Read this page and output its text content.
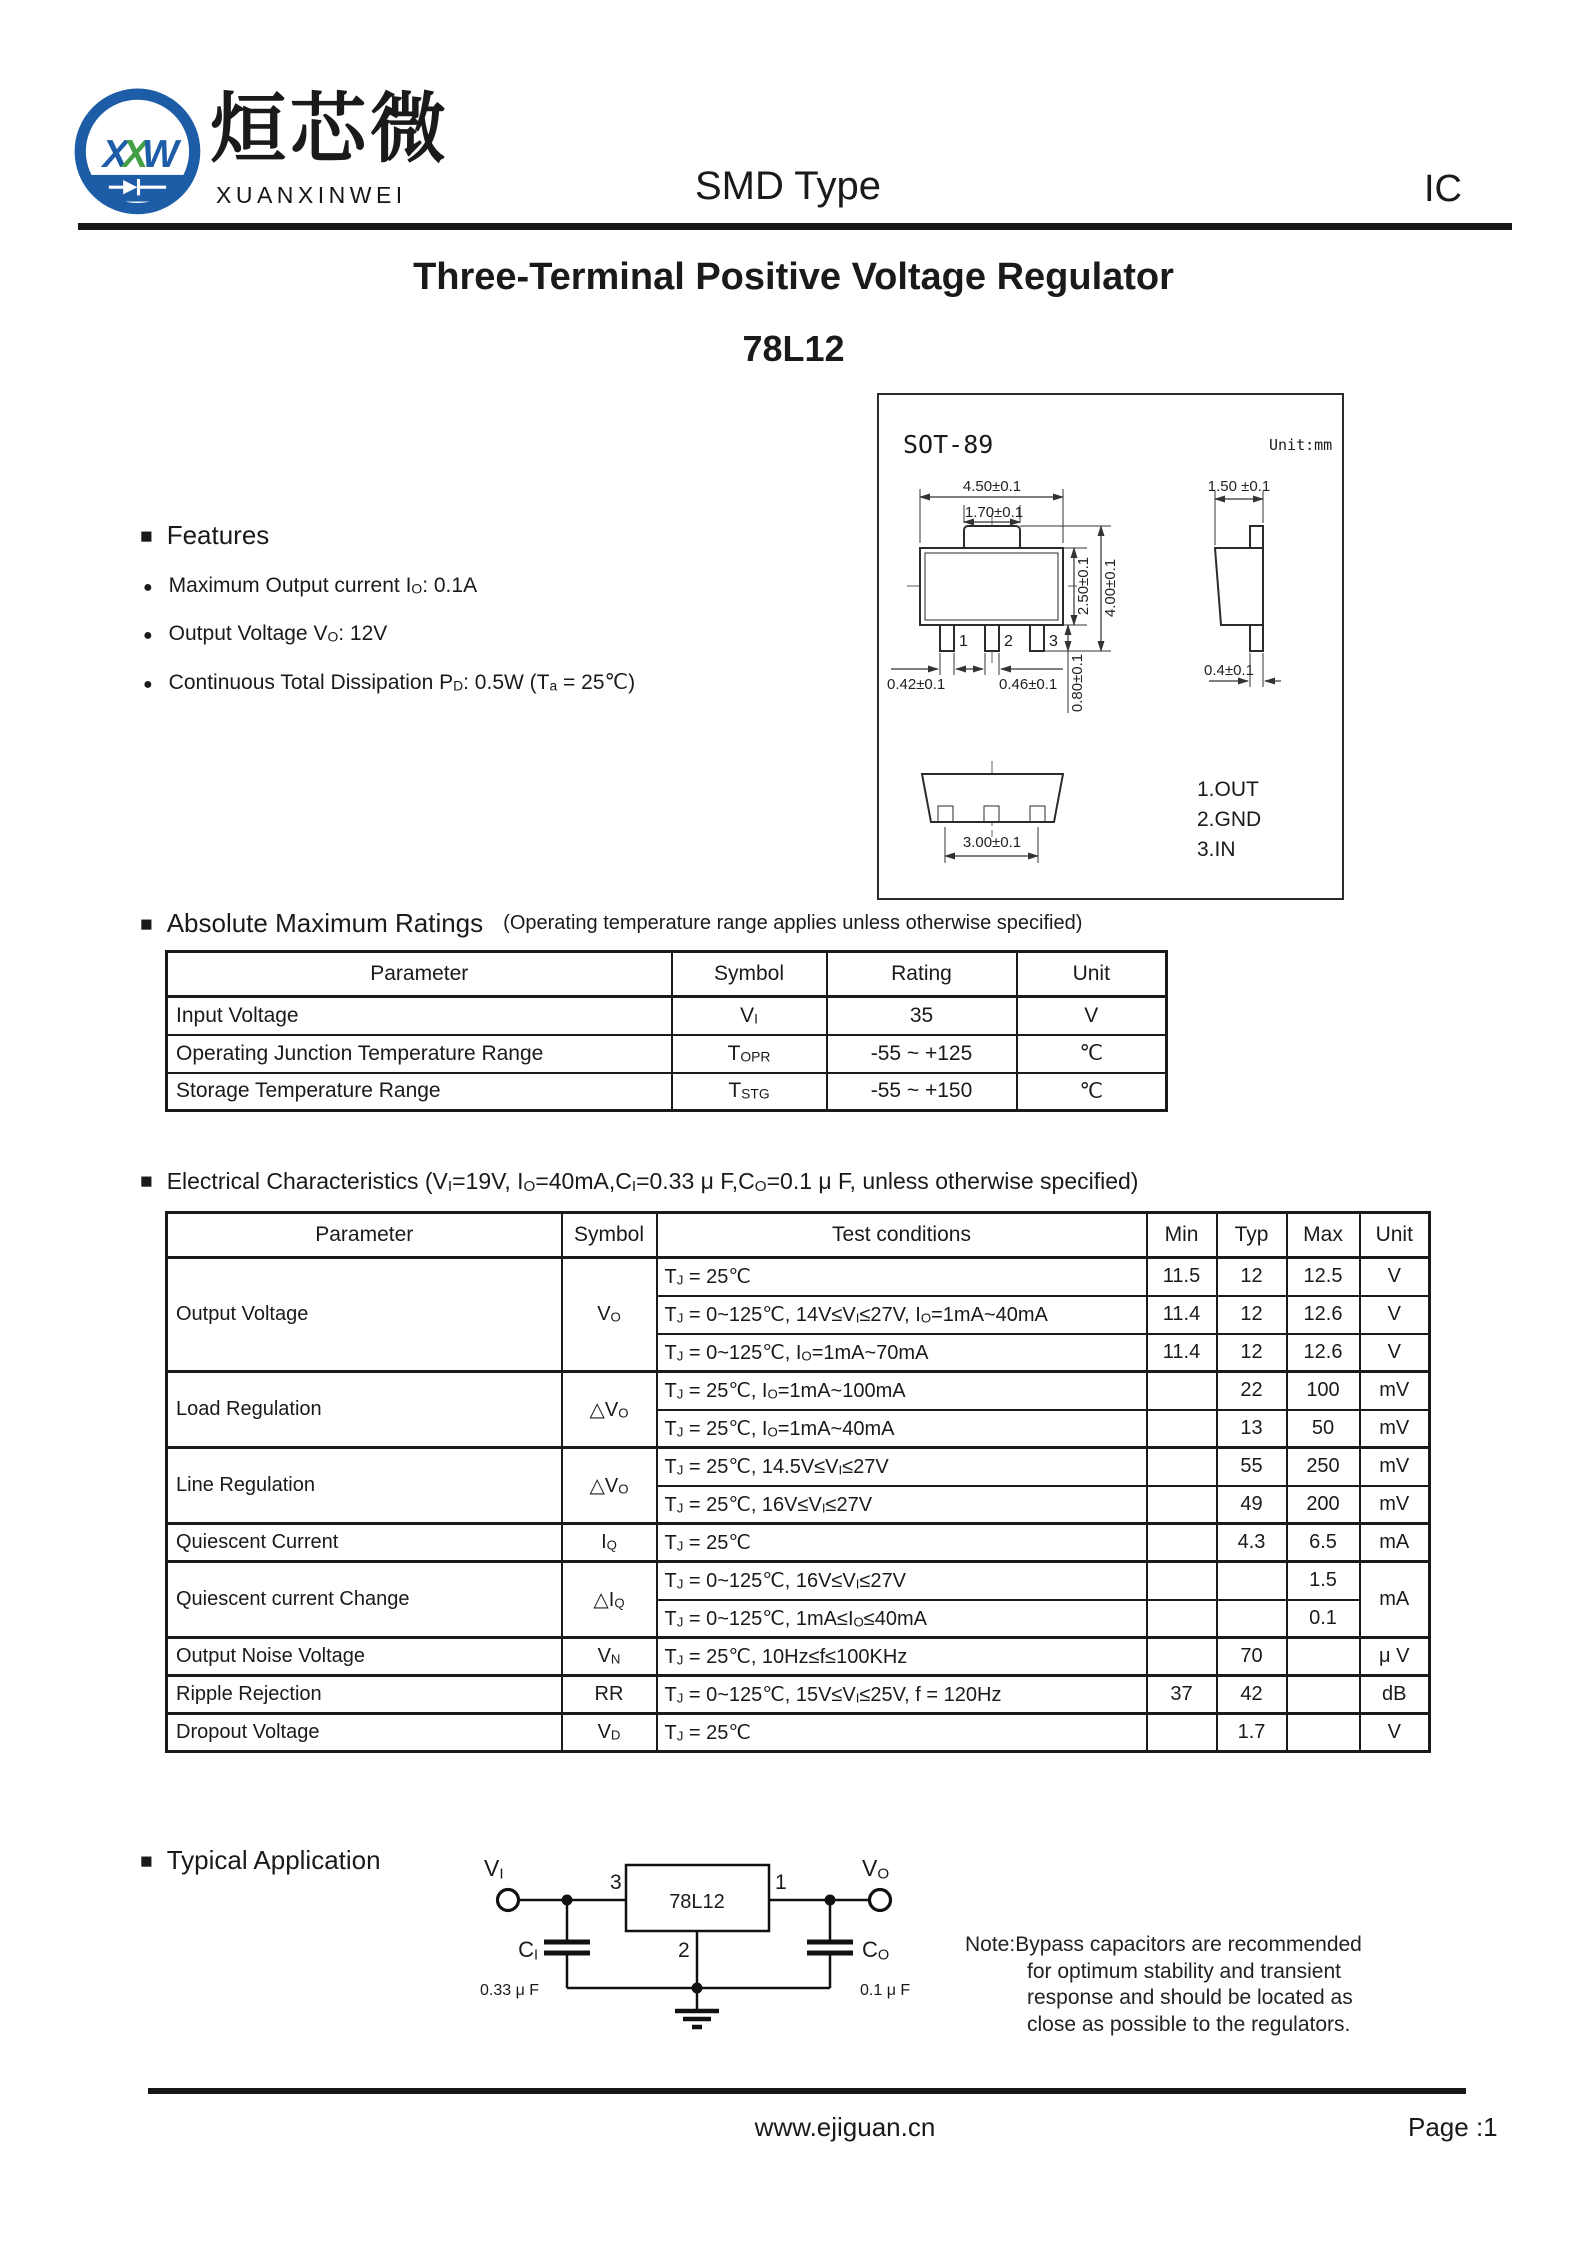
XXW 烜芯微
XUANXINWEI	SMD Type	IC
Three-Terminal Positive Voltage Regulator
78L12
SOT-89	Unit:mm
1 2 3
4.50±0.1
1.70±0.1
2.50±0.1 4.00±0.1
0.42±0.1	0.46±0.1 0.80±0.1
1.50 ±0.1
0.4±0.1
3.00±0.1
1.OUT
2.GND
3.IN
■
Features
●
Maximum Output current $I_O$: 0.1A
●
Output Voltage $V_O$: 12V
●
Continuous Total Dissipation $P_D$: 0.5W ($T_a$ = 25℃)
■
Absolute Maximum Ratings (Operating temperature range applies unless otherwise specified)
Parameter	Symbol	Rating	Unit
Input Voltage	$V_I$	35	V
Operating Junction Temperature Range	$T_{OPR}$	-55 ~ +125	℃
Storage Temperature Range	$T_{STG}$	-55 ~ +150	℃
■
Electrical Characteristics ($V_I=19V$, $I_O=40mA,C_I=0.33$ μ $F,C_O=0.1$ μ F, unless otherwise specified)
Parameter	Symbol	Test conditions	Min	Typ	Max	Unit
Output Voltage	$V_O$	$T_J$ = 25℃	11.5	12	12.5	V
		$T_J$ = 0~125℃, $14V\le V_I\le 27V$, $I_O=1mA\sim 40mA$	11.4	12	12.6	V
		$T_J$ = 0~125℃, $I_O=1mA\sim 70mA$	11.4	12	12.6	V
Load Regulation	$\triangle V_O$	$T_J$ = 25℃, $I_O=1mA\sim 100mA$		22	100	mV
		$T_J$ = 25℃, $I_O=1mA\sim 40mA$		13	50	mV
Line Regulation	$\triangle V_O$	$T_J$ = 25℃, $14.5V\le V_I\le 27V$		55	250	mV
		$T_J$ = 25℃, $16V\le V_I\le 27V$		49	200	mV
Quiescent Current	$I_Q$	$T_J$ = 25℃		4.3	6.5	mA
Quiescent current Change	$\triangle I_Q$	$T_J$ = 0~125℃, $16V\le V_I\le 27V$			1.5	mA
		$T_J$ = 0~125℃, $1mA\le I_O\le 40mA$			0.1	
Output Noise Voltage	$V_N$	$T_J$ = 25℃, 10Hz≤f≤100KHz		70		μ V
Ripple Rejection	RR	$T_J$ = 0~125℃, $15V\le V_I\le 25V$, f = 120Hz	37	42		dB
Dropout Voltage	$V_D$	$T_J$ = 25℃		1.7		V
■
Typical Application
78L12
VI	VO
3	1
2
CI	CO
0.33 μ F	0.1 μ F
Note:Bypass capacitors are recommended
for optimum stability and transient
response and should be located as
close as possible to the regulators.
www.ejiguan.cn	Page :1
